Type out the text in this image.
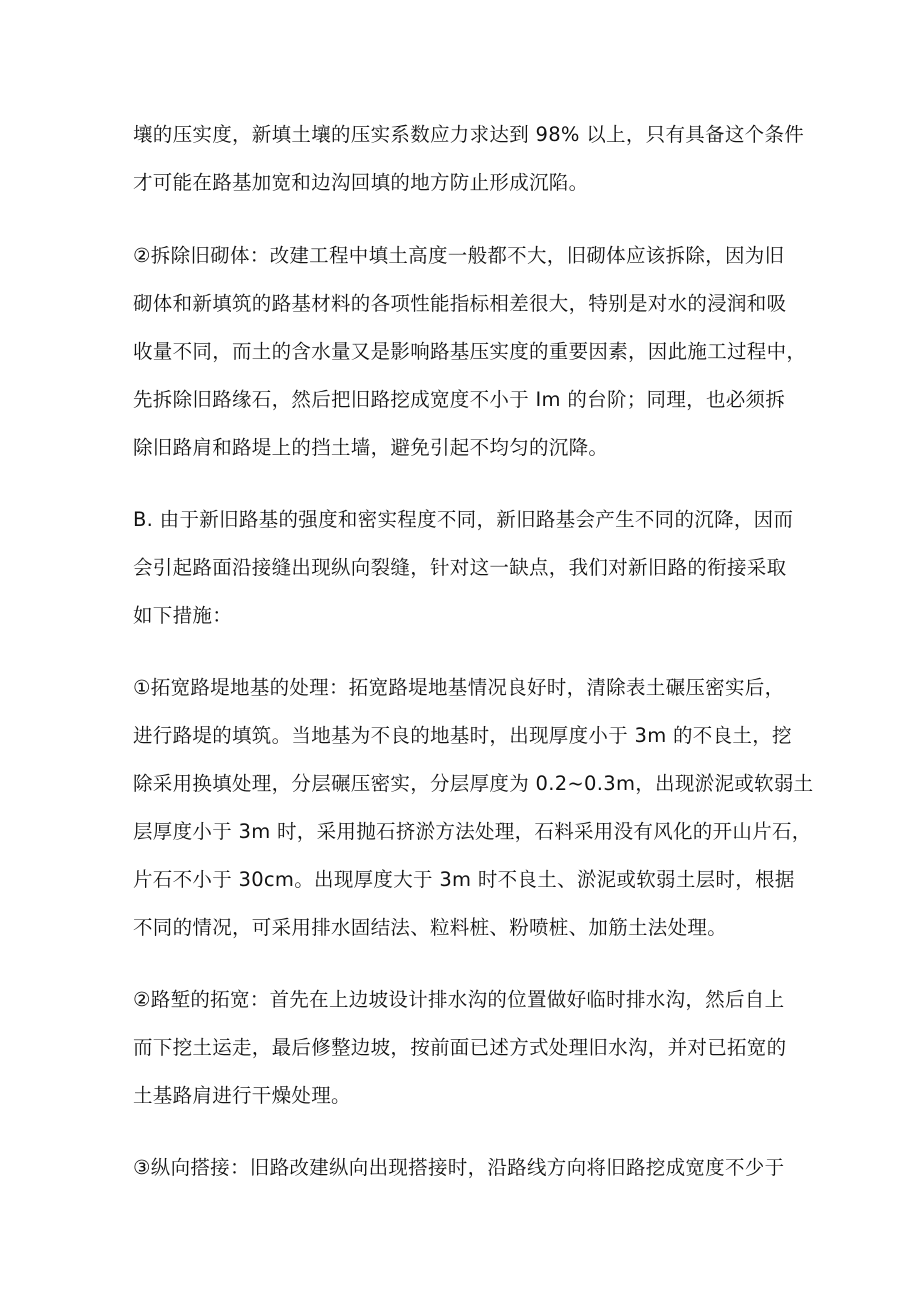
壤的压实度，新填土壤的压实系数应力求达到 98% 以上，只有具备这个条件
才可能在路基加宽和边沟回填的地方防止形成沉陷。
②拆除旧砌体：改建工程中填土高度一般都不大，旧砌体应该拆除，因为旧
砌体和新填筑的路基材料的各项性能指标相差很大，特别是对水的浸润和吸
收量不同，而土的含水量又是影响路基压实度的重要因素，因此施工过程中，
先拆除旧路缘石，然后把旧路挖成宽度不小于 Im 的台阶；同理，也必须拆
除旧路肩和路堤上的挡土墙，避免引起不均匀的沉降。
B. 由于新旧路基的强度和密实程度不同，新旧路基会产生不同的沉降，因而
会引起路面沿接缝出现纵向裂缝，针对这一缺点，我们对新旧路的衔接采取
如下措施：
①拓宽路堤地基的处理：拓宽路堤地基情况良好时，清除表土碾压密实后，
进行路堤的填筑。当地基为不良的地基时，出现厚度小于 3m 的不良土，挖
除采用换填处理，分层碾压密实，分层厚度为 0.2~0.3m，出现淤泥或软弱土
层厚度小于 3m 时，采用抛石挤淤方法处理，石料采用没有风化的开山片石，
片石不小于 30cm。出现厚度大于 3m 时不良土、淤泥或软弱土层时，根据
不同的情况，可采用排水固结法、粒料桩、粉喷桩、加筋土法处理。
②路堑的拓宽：首先在上边坡设计排水沟的位置做好临时排水沟，然后自上
而下挖土运走，最后修整边坡，按前面已述方式处理旧水沟，并对已拓宽的
土基路肩进行干燥处理。
③纵向搭接：旧路改建纵向出现搭接时，沿路线方向将旧路挖成宽度不少于
